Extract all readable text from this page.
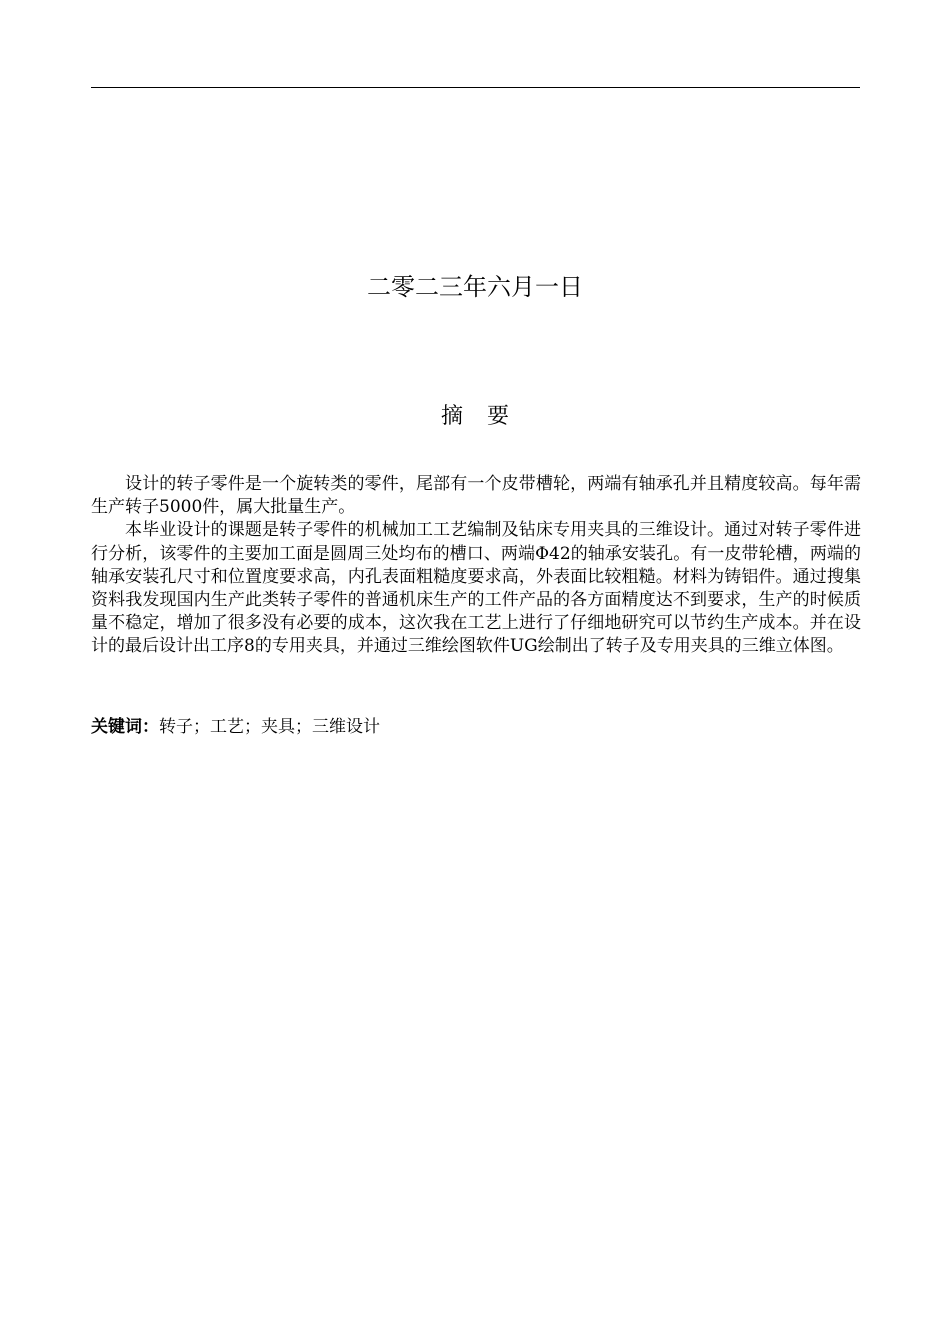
二零二三年六月一日
摘要

设计的转子零件是一个旋转类的零件，尾部有一个皮带槽轮，两端有轴承孔并且精度较高。每年需生产转子5000件，属大批量生产。

本毕业设计的课题是转子零件的机械加工工艺编制及钻床专用夹具的三维设计。通过对转子零件进行分析，该零件的主要加工面是圆周三处均布的槽口、两端Φ42的轴承安装孔。有一皮带轮槽，两端的轴承安装孔尺寸和位置度要求高，内孔表面粗糙度要求高，外表面比较粗糙。材料为铸铝件。通过搜集资料我发现国内生产此类转子零件的普通机床生产的工件产品的各方面精度达不到要求，生产的时候质量不稳定，增加了很多没有必要的成本，这次我在工艺上进行了仔细地研究可以节约生产成本。并在设计的最后设计出工序8的专用夹具，并通过三维绘图软件UG绘制出了转子及专用夹具的三维立体图。

关键词：转子；工艺；夹具；三维设计
